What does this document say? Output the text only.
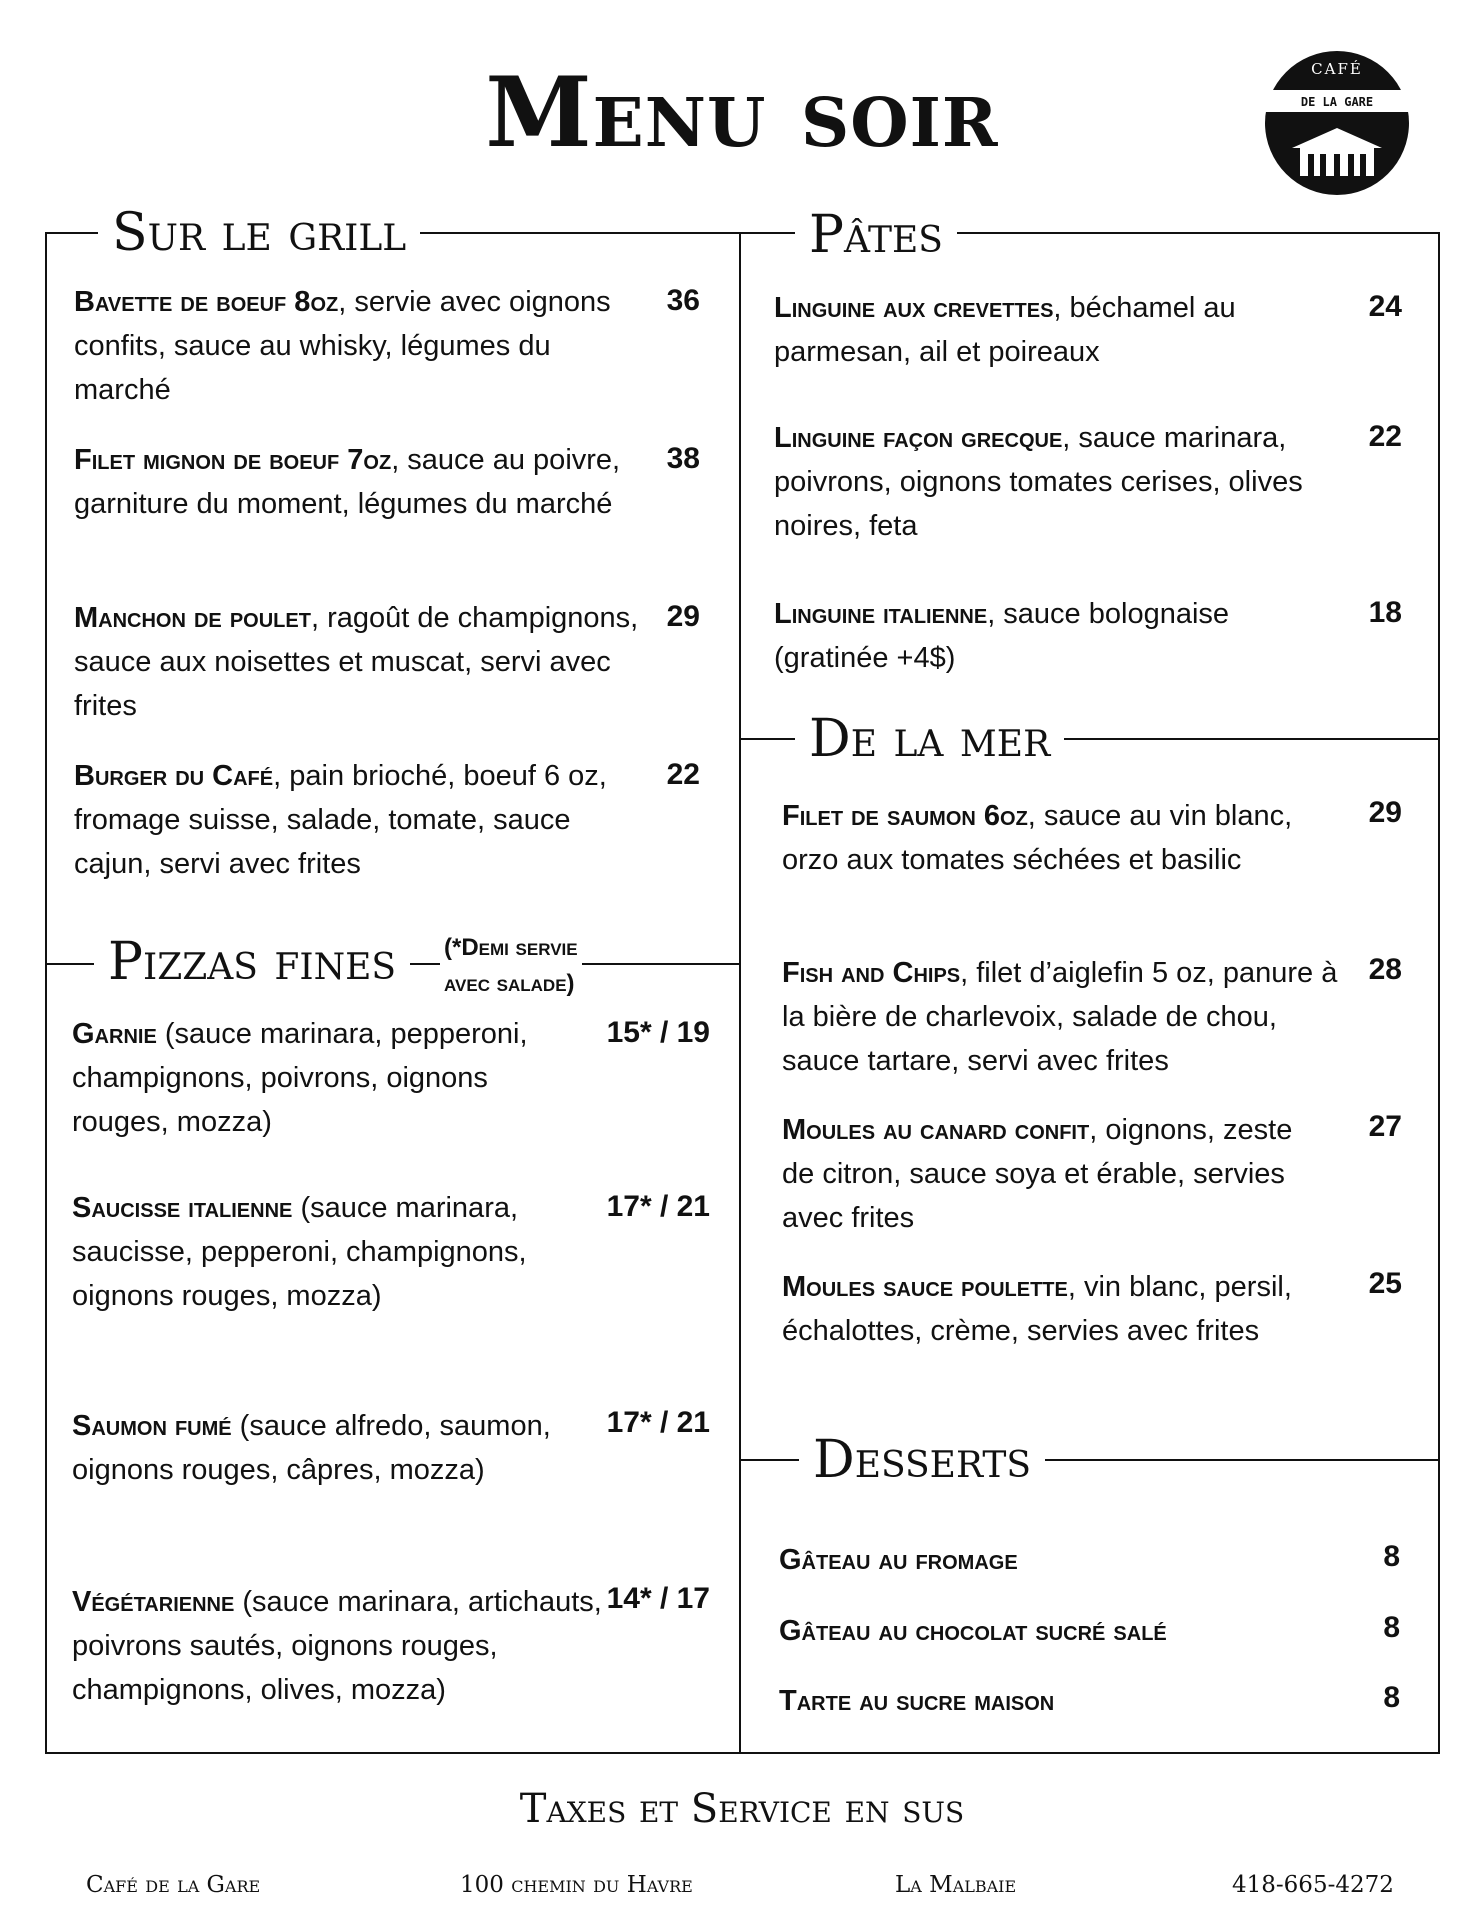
Menu soir	CAFÉ
DE LA GARE
Sur le grill
Pizzas fines	(*Demi servie
avec salade)
Pâtes
De la mer
Desserts
Bavette de boeuf 8oz, servie avec oignons confits, sauce au whisky, légumes du marché
36
Filet mignon de boeuf 7oz, sauce au poivre, garniture du moment, légumes du marché
38
Manchon de poulet, ragoût de champignons, sauce aux noisettes et muscat, servi avec frites
29
Burger du Café, pain brioché, boeuf 6 oz, fromage suisse, salade, tomate, sauce cajun, servi avec frites
22
Garnie (sauce marinara, pepperoni, champignons, poivrons, oignons rouges, mozza)
15* / 19
Saucisse italienne (sauce marinara, saucisse, pepperoni, champignons, oignons rouges, mozza)
17* / 21
Saumon fumé (sauce alfredo, saumon, oignons rouges, câpres, mozza)
17* / 21
Végétarienne (sauce marinara, artichauts, poivrons sautés, oignons rouges, champignons, olives, mozza)
14* / 17
Linguine aux crevettes, béchamel au parmesan, ail et poireaux
24
Linguine façon grecque, sauce marinara, poivrons, oignons tomates cerises, olives noires, feta
22
Linguine italienne, sauce bolognaise (gratinée +4$)
18
Filet de saumon 6oz, sauce au vin blanc, orzo aux tomates séchées et basilic
29
Fish and Chips, filet d’aiglefin 5 oz, panure à la bière de charlevoix, salade de chou, sauce tartare, servi avec frites
28
Moules au canard confit, oignons, zeste de citron, sauce soya et érable, servies avec frites
27
Moules sauce poulette, vin blanc, persil, échalottes, crème, servies avec frites
25
Gâteau au fromage	8
Gâteau au chocolat sucré salé	8
Tarte au sucre maison	8
Taxes et Service en sus
Café de la Gare	100 chemin du Havre	La Malbaie	418-665-4272
